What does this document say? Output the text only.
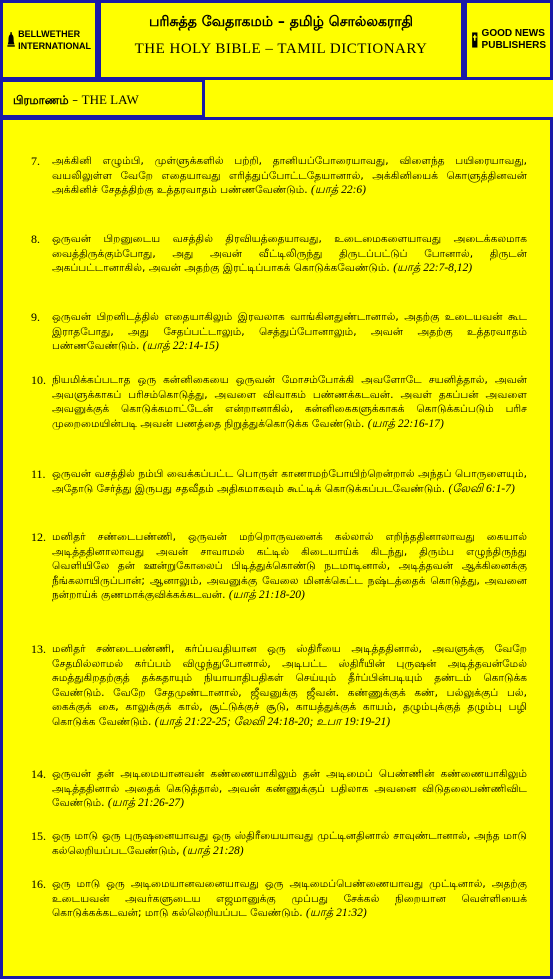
BELLWETHER
INTERNATIONAL
பரிசுத்த வேதாகமம் – தமிழ் சொல்லகராதி
THE HOLY BIBLE – TAMIL DICTIONARY
GOOD NEWS
PUBLISHERS
பிரமாணம் – THE LAW
7.	அக்கினி எழும்பி, முள்ளுக்களில் பற்றி, தானியப்போரையாவது, விளைந்த பயிரையாவது, வயலிலுள்ள வேறே எதையாவது எரித்துப்போட்டதேயானால், அக்கினியைக் கொளுத்தினவன் அக்கினிச் சேதத்திற்கு உத்தரவாதம் பண்ணவேண்டும். (யாத் 22:6)
8.	ஒருவன் பிறனுடைய வசத்தில் திரவியத்தையாவது, உடைமைகளையாவது அடைக்கலமாக வைத்திருக்கும்போது, அது அவன் வீட்டிலிருந்து திருடப்பட்டுப் போனால், திருடன் அகப்பட்டானாகில், அவன் அதற்கு இரட்டிப்பாகக் கொடுக்கவேண்டும். (யாத் 22:7-8,12)
9.	ஒருவன் பிறனிடத்தில் எதையாகிலும் இரவலாக வாங்கினதுண்டானால், அதற்கு உடையவன் கூட இராதபோது, அது சேதப்பட்டாலும், செத்துப்போனாலும், அவன் அதற்கு உத்தரவாதம் பண்ணவேண்டும். (யாத் 22:14-15)
10. நியமிக்கப்படாத ஒரு கன்னிகையை ஒருவன் மோசம்போக்கி அவளோடே சயனித்தால், அவன் அவளுக்காகப் பரிசம்கொடுத்து, அவளை விவாகம் பண்ணக்கடவன். அவள் தகப்பன் அவளை அவனுக்குக் கொடுக்கமாட்டேன் என்றானாகில், கன்னிகைகளுக்காகக் கொடுக்கப்படும் பரிச முறைமையின்படி அவன் பணத்தை நிறுத்துக்கொடுக்க வேண்டும். (யாத் 22:16-17)
11. ஒருவன் வசத்தில் நம்பி வைக்கப்பட்ட பொருள் காணாமற்போயிற்றென்றால் அந்தப் பொருளையும், அதோடு சேர்த்து இருபது சதவீதம் அதிகமாகவும் கூட்டிக் கொடுக்கப்படவேண்டும். (லேவி 6:1-7)
12. மனிதர் சண்டைபண்ணி, ஒருவன் மற்றொருவனைக் கல்லால் எறிந்ததினாலாவது கையால் அடித்ததினாலாவது அவன் சாவாமல் கட்டில் கிடையாய்க் கிடந்து, திரும்ப எழுந்திருந்து வெளியிலே தன் ஊன்றுகோலைப் பிடித்துக்கொண்டு நடமாடினால், அடித்தவன் ஆக்கினைக்கு நீங்கலாயிருப்பான்; ஆனாலும், அவனுக்கு வேலை மினக்கெட்ட நஷ்டத்தைக் கொடுத்து, அவனை நன்றாய்க் குணமாக்குவிக்கக்கடவன். (யாத் 21:18-20)
13. மனிதர் சண்டைபண்ணி, கர்ப்பவதியான ஒரு ஸ்திரீயை அடித்ததினால், அவளுக்கு வேறே சேதமில்லாமல் கர்ப்பம் விழுந்துபோனால், அடிபட்ட ஸ்திரீயின் புருஷன் அடித்தவன்மேல் சுமத்துகிறதற்குத் தக்கதாயும் நியாயாதிபதிகள் செய்யும் தீர்ப்பின்படியும் தண்டம் கொடுக்க வேண்டும். வேறே சேதமுண்டானால், ஜீவனுக்கு ஜீவன். கண்ணுக்குக் கண், பல்லுக்குப் பல், கைக்குக் கை, காலுக்குக் கால், சூட்டுக்குச் சூடு, காயத்துக்குக் காயம், தழும்புக்குத் தழும்பு பழி கொடுக்க வேண்டும். (யாத் 21:22-25; லேவி 24:18-20; உபா 19:19-21)
14. ஒருவன் தன் அடிமையானவன் கண்ணையாகிலும் தன் அடிமைப் பெண்ணின் கண்ணையாகிலும் அடித்ததினால் அதைக் கெடுத்தால், அவன் கண்ணுக்குப் பதிலாக அவனை விடுதலைபண்ணிவிட வேண்டும். (யாத் 21:26-27)
15. ஒரு மாடு ஒரு புருஷனையாவது ஒரு ஸ்திரீயையாவது முட்டினதினால் சாவுண்டானால், அந்த மாடு கல்லெறியப்படவேண்டும், (யாத் 21:28)
16. ஒரு மாடு ஒரு அடிமையானவனையாவது ஒரு அடிமைப்பெண்ணையாவது முட்டினால், அதற்கு உடையவன் அவர்களுடைய எஜமானுக்கு முப்பது சேக்கல் நிறையான வெள்ளியைக் கொடுக்கக்கடவன்; மாடு கல்லெறியப்பட வேண்டும். (யாத் 21:32)
